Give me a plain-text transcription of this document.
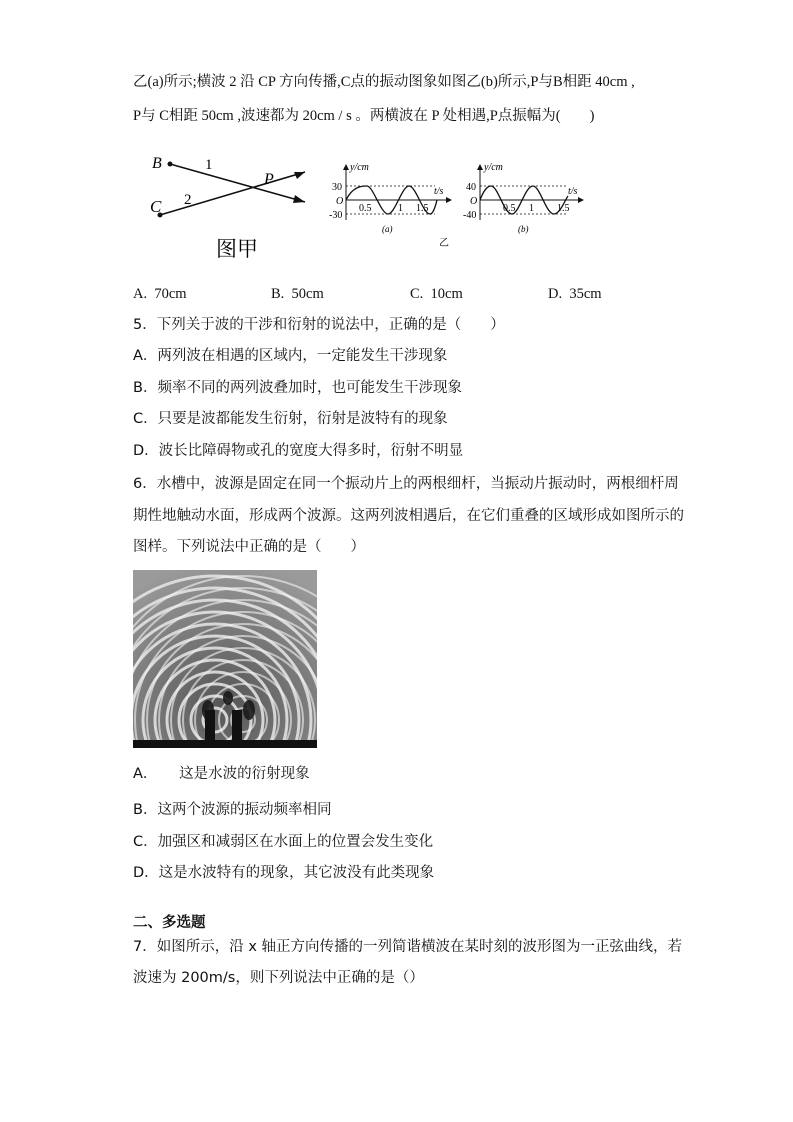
乙(a)所示;横波 2 沿 CP 方向传播,C点的振动图象如图乙(b)所示,P与B相距 40cm ,
P与 C相距 50cm ,波速都为 20cm / s 。两横波在 P 处相遇,P点振幅为(　　)
B
C
P
1
2
图甲
y/cm
t/s
30
O
-30
0.5	1 1.5
(a)
乙
y/cm
t/s
40
O
-40
0.5 1 1.5
(b)
A. 70cm	B. 50cm	C. 10cm	D. 35cm
5．下列关于波的干涉和衍射的说法中，正确的是（　　）
A．两列波在相遇的区域内，一定能发生干涉现象
B．频率不同的两列波叠加时，也可能发生干涉现象
C．只要是波都能发生衍射，衍射是波特有的现象
D．波长比障碍物或孔的宽度大得多时，衍射不明显
6．水槽中，波源是固定在同一个振动片上的两根细杆，当振动片振动时，两根细杆周
期性地触动水面，形成两个波源。这两列波相遇后，在它们重叠的区域形成如图所示的
图样。下列说法中正确的是（　　）
A．　　这是水波的衍射现象
B．这两个波源的振动频率相同
C．加强区和减弱区在水面上的位置会发生变化
D．这是水波特有的现象，其它波没有此类现象
二、多选题
7．如图所示，沿 x 轴正方向传播的一列简谐横波在某时刻的波形图为一正弦曲线，若
波速为 200m/s，则下列说法中正确的是（）
